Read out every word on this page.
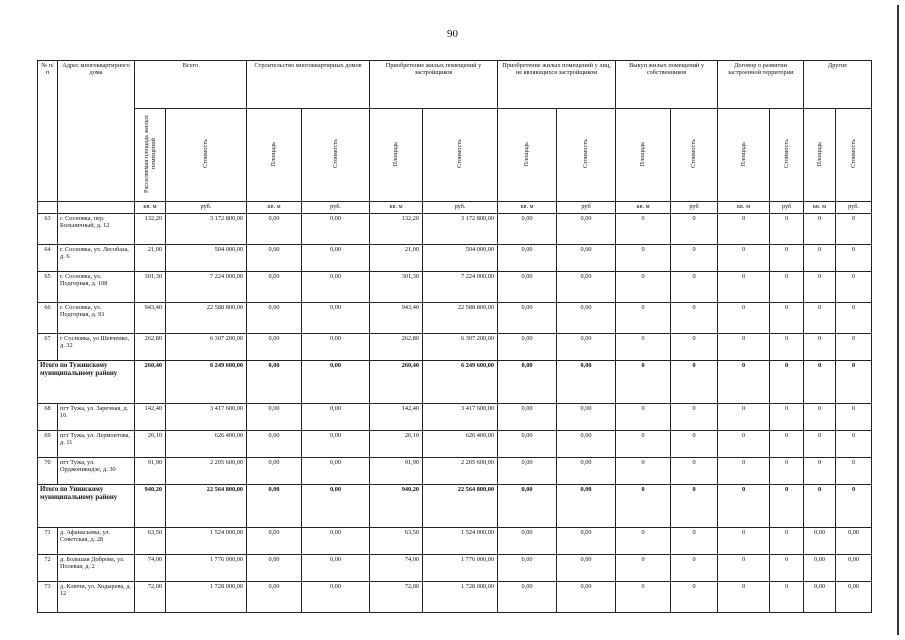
90
№ п/п	Адрес многоквартирного дома	Всего		Строительство многоквартирных домов		Приобретение жилых помещений у застройщиков		Приобретение жилых помещений у лиц, не являющихся застройщиком		Выкуп жилых помещений у собственников		Договор о развитии застроенной территории		Другие	
		Расселяемая площадь жилых помещений	Стоимость	Площадь	Стоимость	Площадь	Стоимость	Площадь	Стоимость	Площадь	Стоимость	Площадь	Стоимость	Площадь	Стоимость
		кв. м	руб.	кв. м	руб.	кв. м	руб.	кв. м	руб	кв. м	руб	кв. м	руб	кв. м	руб.
63	г. Сосновка, пер. Больничный, д. 12	132,20	3 172 800,00	0,00	0,00	132,20	3 172 800,00	0,00	0,00	0	0	0	0	0	0
64	г. Сосновка, ул. Лесобаза, д. 6	21,00	504 000,00	0,00	0,00	21,00	504 000,00	0,00	0,00	0	0	0	0	0	0
65	г. Сосновка, ул. Подгорная, д. 108	301,30	7 224 000,00	0,00	0,00	301,30	7 224 000,00	0,00	0,00	0	0	0	0	0	0
66	г. Сосновка, ул. Подгорная, д. 93	943,40	22 588 800,00	0,00	0,00	943,40	22 588 800,00	0,00	0,00	0	0	0	0	0	0
67	г Сосновка, ул Шевченко, д. 32	262,80	6 307 200,00	0,00	0,00	262,80	6 307 200,00	0,00	0,00	0	0	0	0	0	0
Итого по Тужинскому муниципальному району		260,40	6 249 600,00	0,00	0,00	260,40	6 249 600,00	0,00	0,00	0	0	0	0	0	0
68	пгт Тужа, ул. Заречная, д. 16	142,40	3 417 600,00	0,00	0,00	142,40	3 417 600,00	0,00	0,00	0	0	0	0	0	0
69	пгт Тужа, ул. Лермонтова, д. 11	26,10	626 400,00	0,00	0,00	26,10	626 400,00	0,00	0,00	0	0	0	0	0	0
70	пгт Тужа, ул. Орджоникидзе, д. 30	91,90	2 205 600,00	0,00	0,00	91,90	2 205 600,00	0,00	0,00	0	0	0	0	0	0
Итого по Унинскому муниципальному району		940,20	22 564 800,00	0,00	0,00	940,20	22 564 800,00	0,00	0,00	0	0	0	0	0	0
71	д. Афанасьевы, ул. Советская, д. 28	63,50	1 524 000,00	0,00	0,00	63,50	1 524 000,00	0,00	0,00	0	0	0	0	0,00	0,00
72	д. Большая Доброва, ул. Полевая, д. 2	74,00	1 776 000,00	0,00	0,00	74,00	1 776 000,00	0,00	0,00	0	0	0	0	0,00	0,00
73	д. Ключи, ул. Ходырева, д. 12	72,00	1 728 000,00	0,00	0,00	72,00	1 728 000,00	0,00	0,00	0	0	0	0	0,00	0,00
